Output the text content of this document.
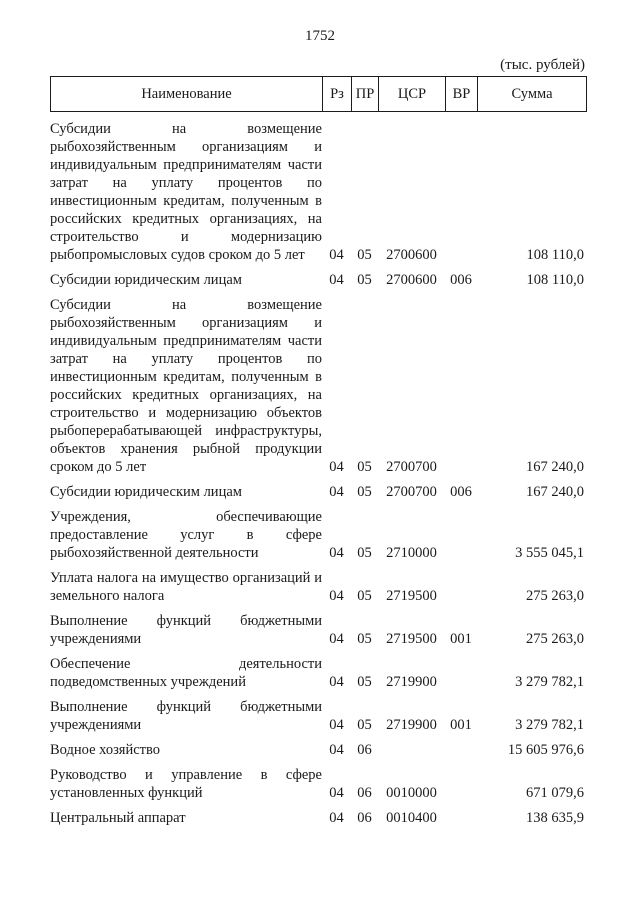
1752
(тыс. рублей)
Наименование	Рз ПР	ЦСР	ВР	Сумма
Субсидии на возмещение рыбохозяйственным организациям и индивидуальным предпринимателям части затрат на уплату процентов по инвестиционным кредитам, полученным в российских кредитных организациях, на строительство и модернизацию рыбопромысловых судов сроком до 5 лет	04 05 2700600	108 110,0
Субсидии юридическим лицам	04 05 2700600 006	108 110,0
Субсидии на возмещение рыбохозяйственным организациям и индивидуальным предпринимателям части затрат на уплату процентов по инвестиционным кредитам, полученным в российских кредитных организациях, на строительство и модернизацию объектов рыбоперерабатывающей инфраструктуры, объектов хранения рыбной продукции сроком до 5 лет	04 05 2700700	167 240,0
Субсидии юридическим лицам	04 05 2700700 006	167 240,0
Учреждения, обеспечивающие предоставление услуг в сфере рыбохозяйственной деятельности	04 05 2710000	3 555 045,1
Уплата налога на имущество организаций и земельного налога	04 05 2719500	275 263,0
Выполнение функций бюджетными учреждениями	04 05 2719500 001	275 263,0
Обеспечение деятельности подведомственных учреждений	04 05 2719900	3 279 782,1
Выполнение функций бюджетными учреждениями	04 05 2719900 001	3 279 782,1
Водное хозяйство	04 06	15 605 976,6
Руководство и управление в сфере установленных функций	04 06 0010000	671 079,6
Центральный аппарат	04 06 0010400	138 635,9
